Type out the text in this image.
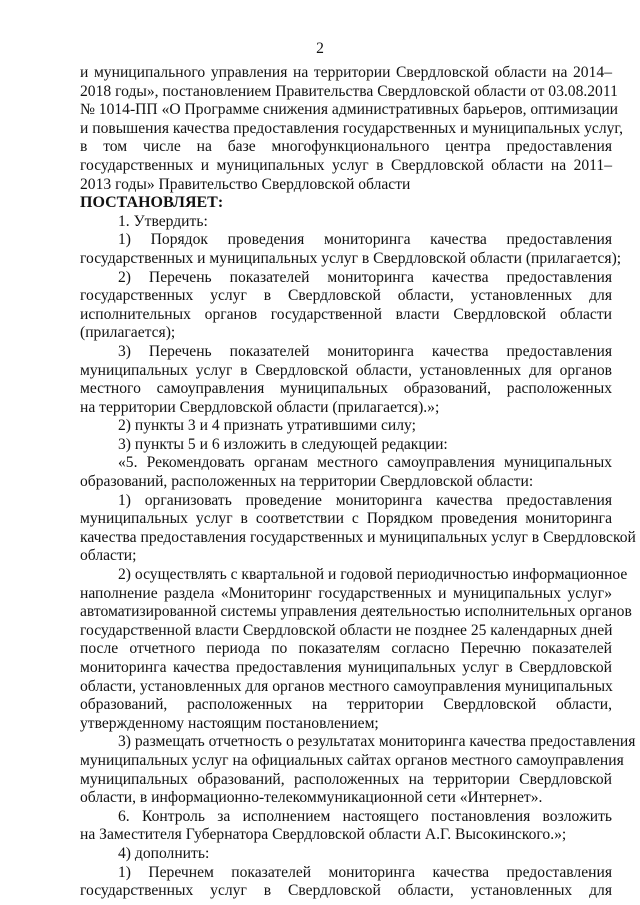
2
и муниципального управления на территории Свердловской области на 2014–
2018 годы», постановлением Правительства Свердловской области от 03.08.2011
№ 1014-ПП «О Программе снижения административных барьеров, оптимизации
и повышения качества предоставления государственных и муниципальных услуг,
в том числе на базе многофункционального центра предоставления
государственных и муниципальных услуг в Свердловской области на 2011–
2013 годы» Правительство Свердловской области
ПОСТАНОВЛЯЕТ:
1. Утвердить:
1) Порядок проведения мониторинга качества предоставления
государственных и муниципальных услуг в Свердловской области (прилагается);
2) Перечень показателей мониторинга качества предоставления
государственных услуг в Свердловской области, установленных для
исполнительных органов государственной власти Свердловской области
(прилагается);
3) Перечень показателей мониторинга качества предоставления
муниципальных услуг в Свердловской области, установленных для органов
местного самоуправления муниципальных образований, расположенных
на территории Свердловской области (прилагается).»;
2) пункты 3 и 4 признать утратившими силу;
3) пункты 5 и 6 изложить в следующей редакции:
«5. Рекомендовать органам местного самоуправления муниципальных
образований, расположенных на территории Свердловской области:
1) организовать проведение мониторинга качества предоставления
муниципальных услуг в соответствии с Порядком проведения мониторинга
качества предоставления государственных и муниципальных услуг в Свердловской
области;
2) осуществлять с квартальной и годовой периодичностью информационное
наполнение раздела «Мониторинг государственных и муниципальных услуг»
автоматизированной системы управления деятельностью исполнительных органов
государственной власти Свердловской области не позднее 25 календарных дней
после отчетного периода по показателям согласно Перечню показателей
мониторинга качества предоставления муниципальных услуг в Свердловской
области, установленных для органов местного самоуправления муниципальных
образований, расположенных на территории Свердловской области,
утвержденному настоящим постановлением;
3) размещать отчетность о результатах мониторинга качества предоставления
муниципальных услуг на официальных сайтах органов местного самоуправления
муниципальных образований, расположенных на территории Свердловской
области, в информационно-телекоммуникационной сети «Интернет».
6. Контроль за исполнением настоящего постановления возложить
на Заместителя Губернатора Свердловской области А.Г. Высокинского.»;
4) дополнить:
1) Перечнем показателей мониторинга качества предоставления
государственных услуг в Свердловской области, установленных для
